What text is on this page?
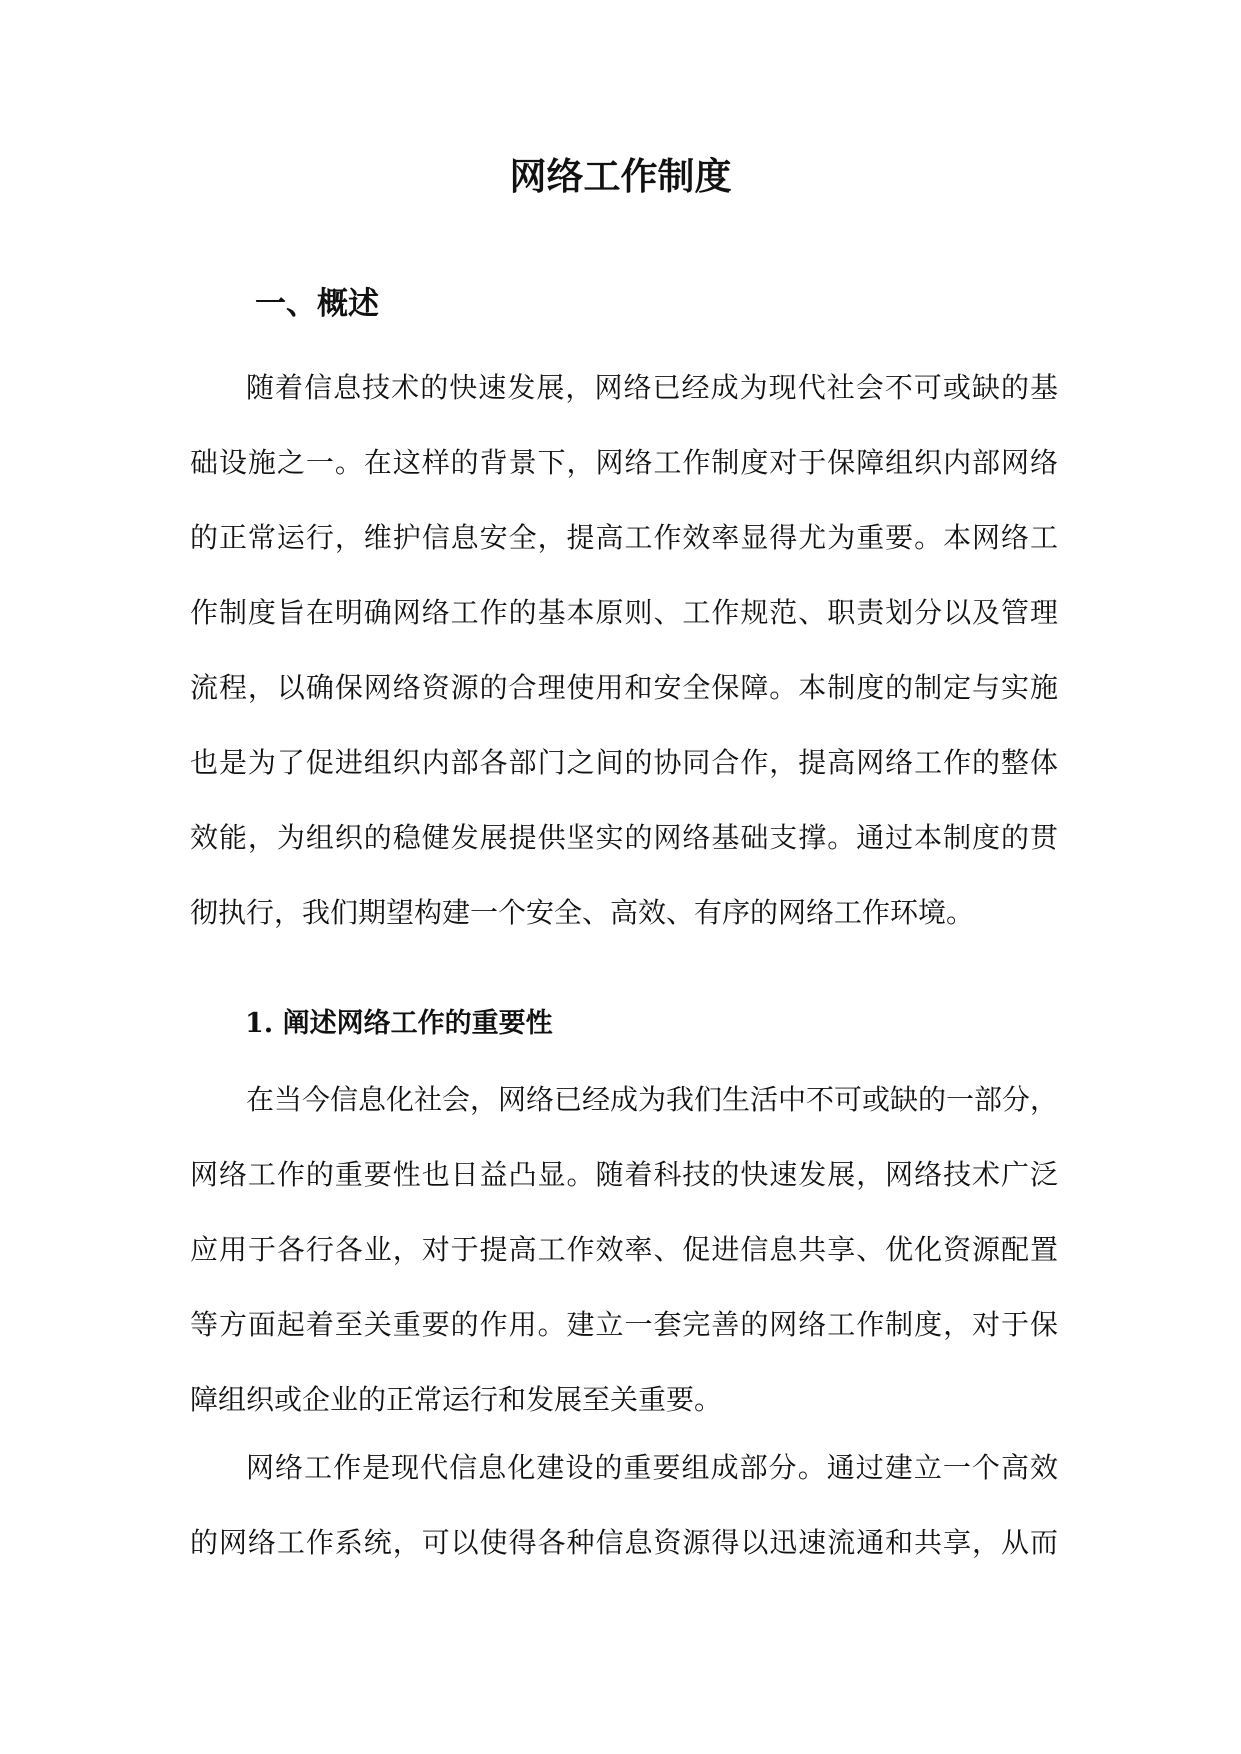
网络工作制度
一、概述
随着信息技术的快速发展，网络已经成为现代社会不可或缺的基
础设施之一。在这样的背景下，网络工作制度对于保障组织内部网络
的正常运行，维护信息安全，提高工作效率显得尤为重要。本网络工
作制度旨在明确网络工作的基本原则、工作规范、职责划分以及管理
流程，以确保网络资源的合理使用和安全保障。本制度的制定与实施
也是为了促进组织内部各部门之间的协同合作，提高网络工作的整体
效能，为组织的稳健发展提供坚实的网络基础支撑。通过本制度的贯
彻执行，我们期望构建一个安全、高效、有序的网络工作环境。
1. 阐述网络工作的重要性
在当今信息化社会，网络已经成为我们生活中不可或缺的一部分，
网络工作的重要性也日益凸显。随着科技的快速发展，网络技术广泛
应用于各行各业，对于提高工作效率、促进信息共享、优化资源配置
等方面起着至关重要的作用。建立一套完善的网络工作制度，对于保
障组织或企业的正常运行和发展至关重要。
网络工作是现代信息化建设的重要组成部分。通过建立一个高效
的网络工作系统，可以使得各种信息资源得以迅速流通和共享，从而
